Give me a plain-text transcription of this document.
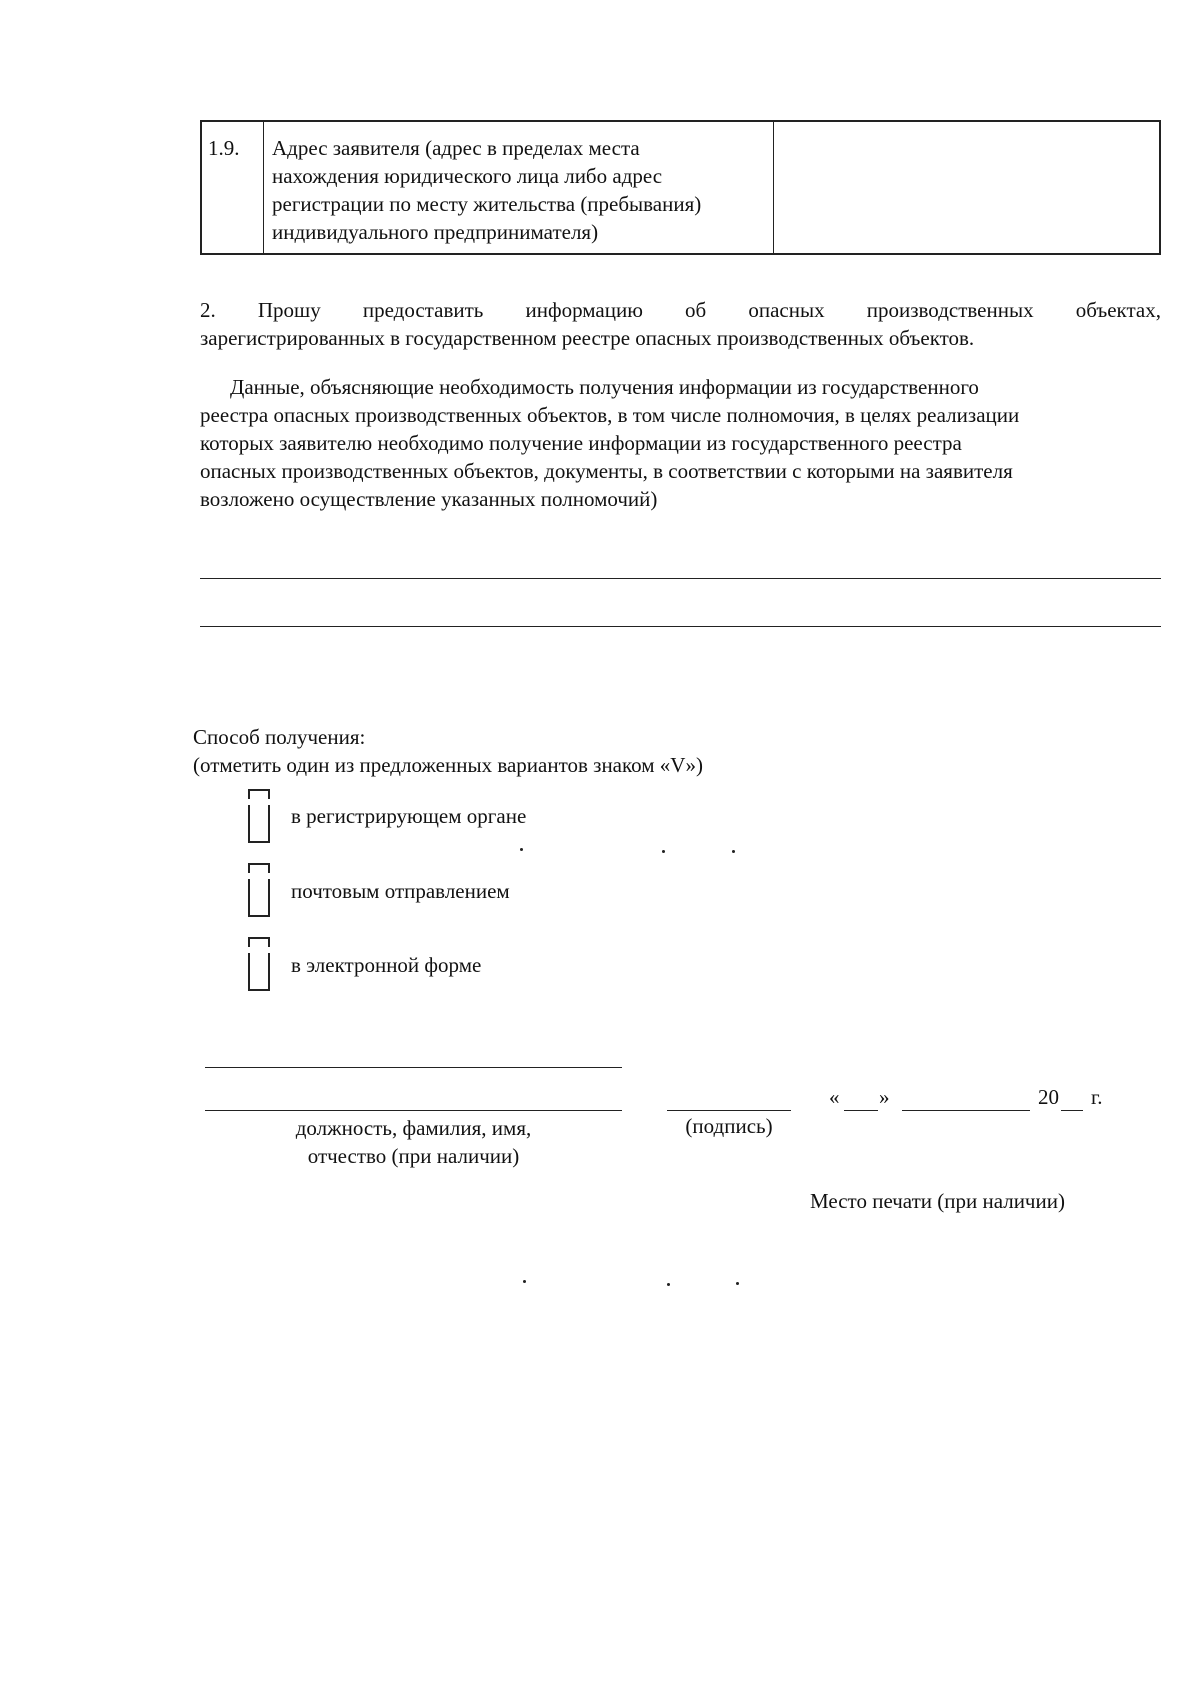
1.9.	Адрес заявителя (адрес в пределах места
нахождения юридического лица либо адрес
регистрации по месту жительства (пребывания)
индивидуального предпринимателя)
2. Прошу предоставить информацию об опасных производственных объектах,
зарегистрированных в государственном реестре опасных производственных объектов.
Данные, объясняющие необходимость получения информации из государственного
реестра опасных производственных объектов, в том числе полномочия, в целях реализации
которых заявителю необходимо получение информации из государственного реестра
опасных производственных объектов, документы, в соответствии с которыми на заявителя
возложено осуществление указанных полномочий)
Способ получения:
(отметить один из предложенных вариантов знаком «V»)
в регистрирующем органе
почтовым отправлением
в электронной форме
должность, фамилия, имя,
отчество (при наличии)
(подпись)
« »	20 г.
Место печати (при наличии)
